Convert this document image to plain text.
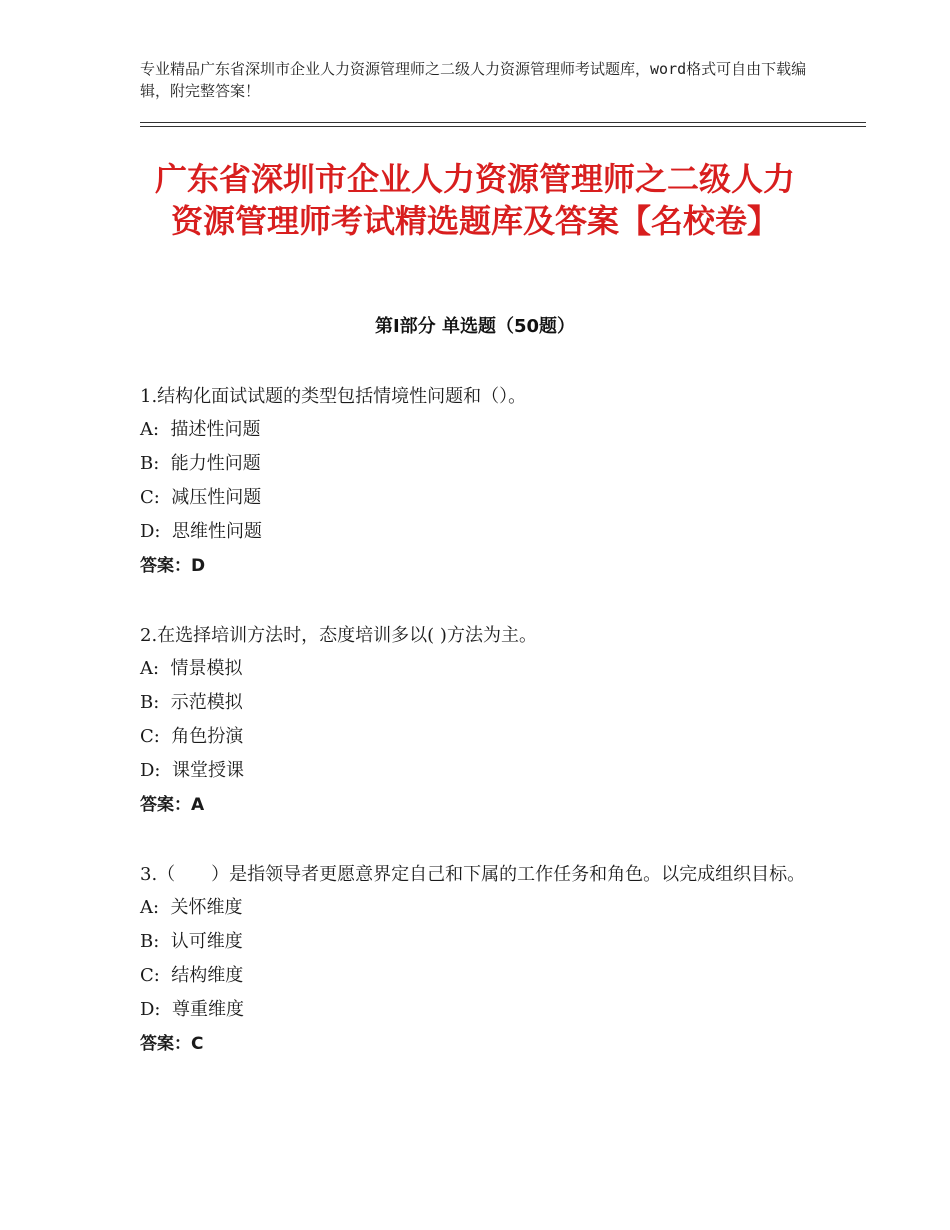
专业精品广东省深圳市企业人力资源管理师之二级人力资源管理师考试题库，word格式可自由下载编辑，附完整答案！
广东省深圳市企业人力资源管理师之二级人力资源管理师考试精选题库及答案【名校卷】
第Ⅰ部分 单选题（50题）

1.结构化面试试题的类型包括情境性问题和（）。

A:  描述性问题

B:  能力性问题

C:  减压性问题

D:  思维性问题

答案：D

2.在选择培训方法时，态度培训多以( )方法为主。

A:  情景模拟

B:  示范模拟

C:  角色扮演

D:  课堂授课

答案：A

3.（　　）是指领导者更愿意界定自己和下属的工作任务和角色。以完成组织目标。

A:  关怀维度

B:  认可维度

C:  结构维度

D:  尊重维度

答案：C
